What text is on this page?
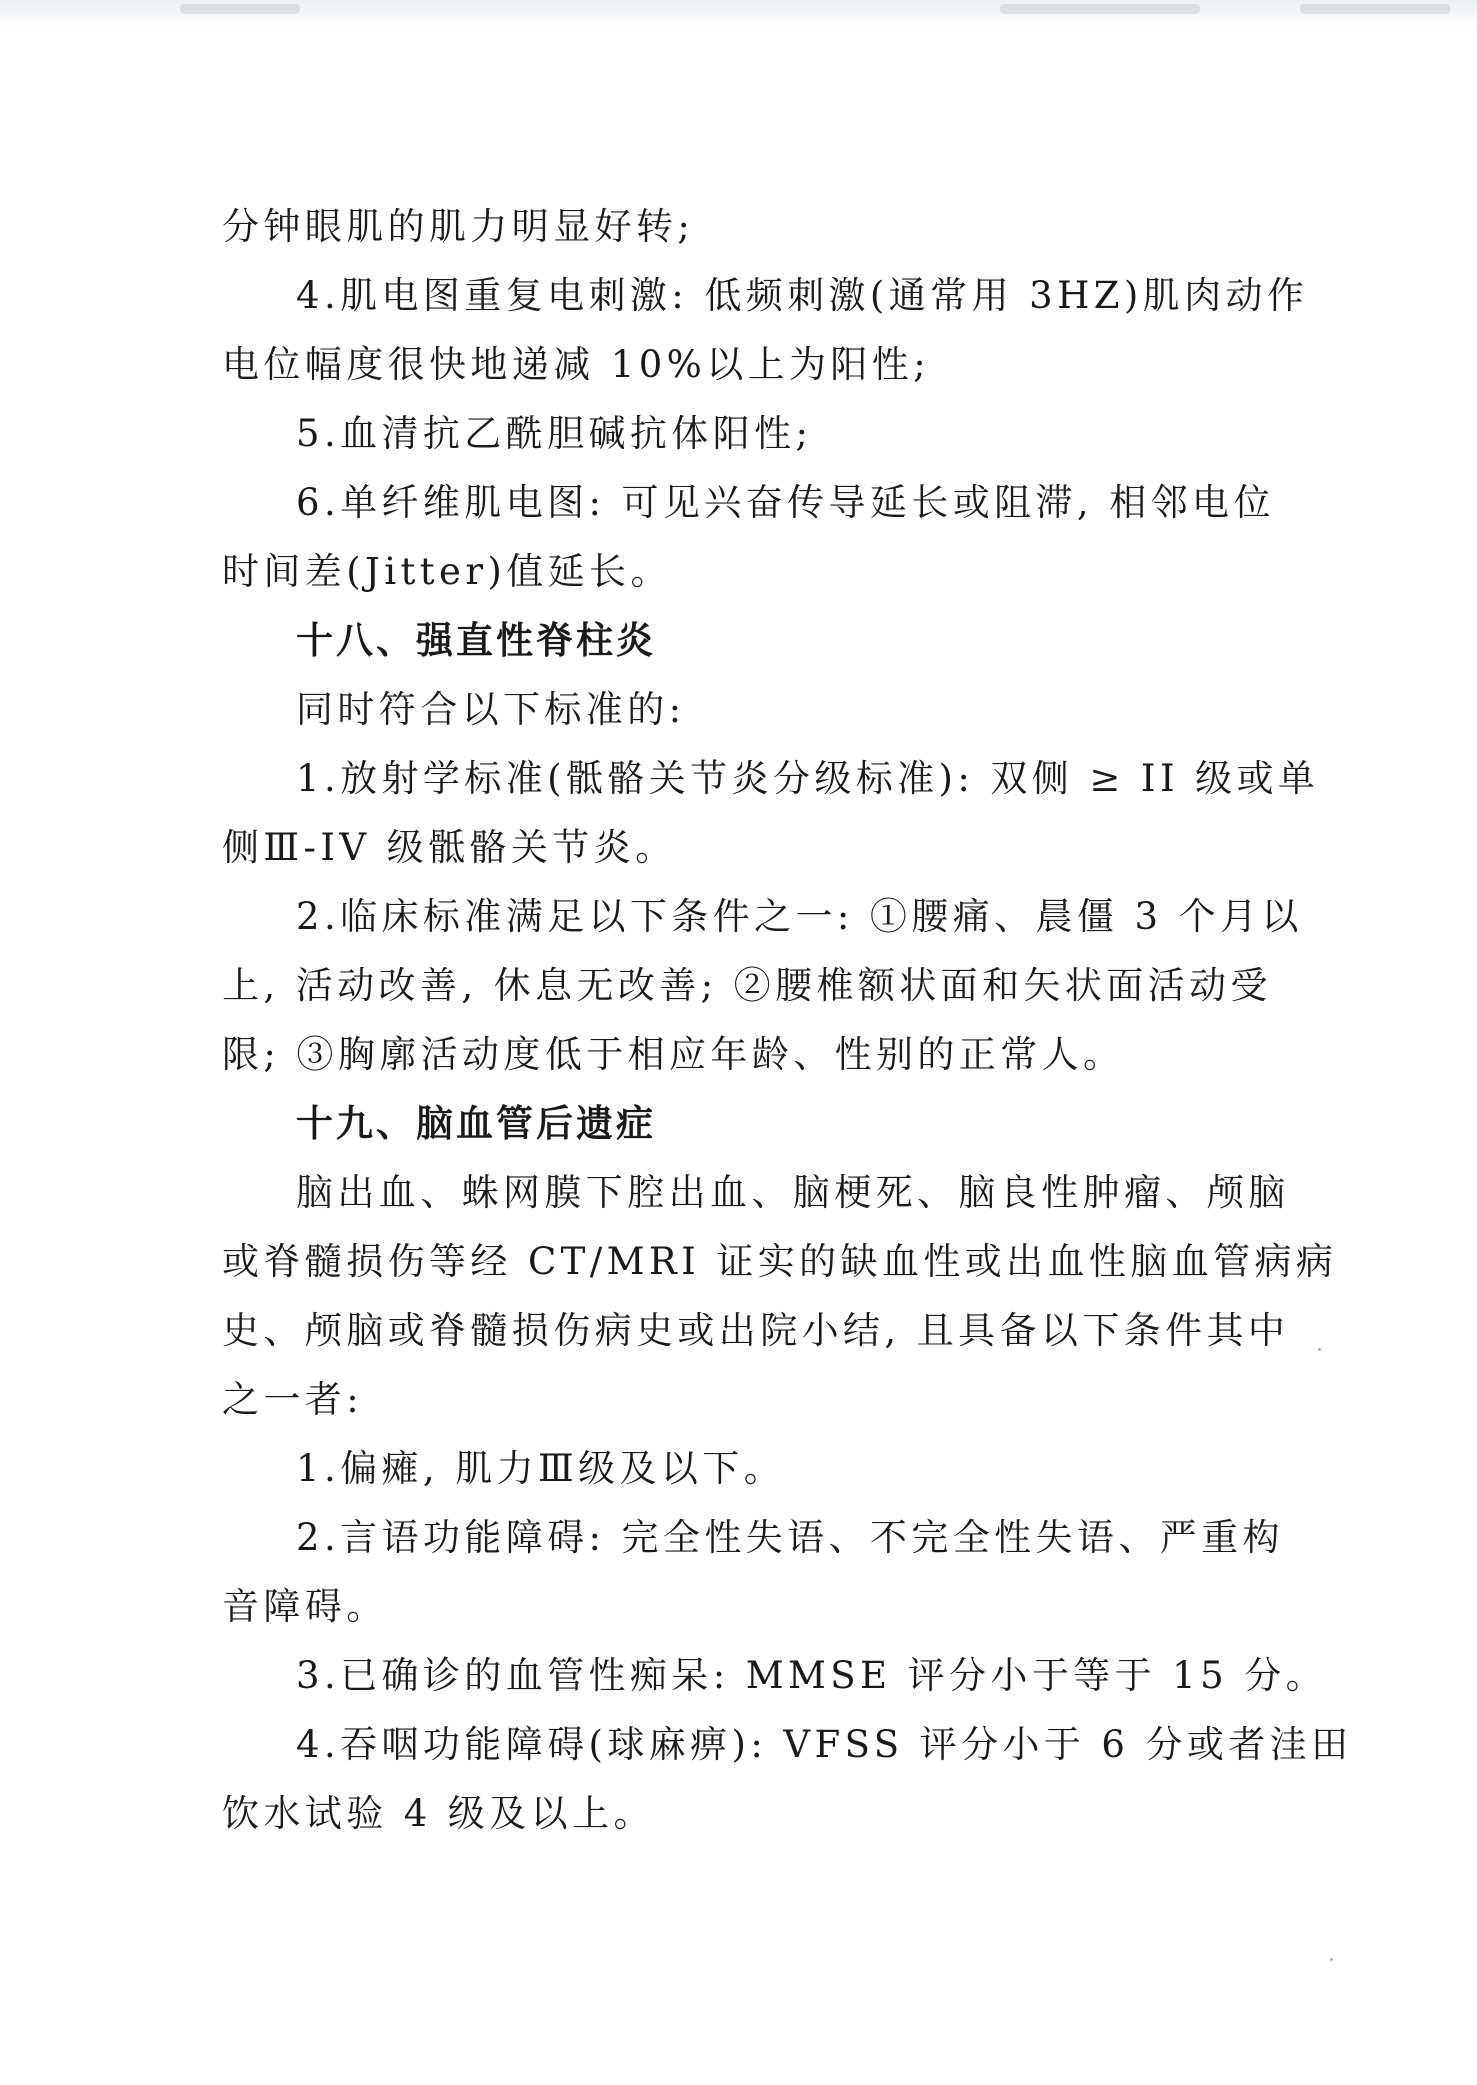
分钟眼肌的肌力明显好转;
4.肌电图重复电刺激: 低频刺激(通常用 3HZ)肌肉动作
电位幅度很快地递减 10%以上为阳性;
5.血清抗乙酰胆碱抗体阳性;
6.单纤维肌电图: 可见兴奋传导延长或阻滞, 相邻电位
时间差(Jitter)值延长。
十八、强直性脊柱炎
同时符合以下标准的:
1.放射学标准(骶骼关节炎分级标准): 双侧 ≥ II 级或单
侧Ⅲ-IV 级骶骼关节炎。
2.临床标准满足以下条件之一: ①腰痛、晨僵 3 个月以
上, 活动改善, 休息无改善; ②腰椎额状面和矢状面活动受
限; ③胸廓活动度低于相应年龄、性别的正常人。
十九、脑血管后遗症
脑出血、蛛网膜下腔出血、脑梗死、脑良性肿瘤、颅脑
或脊髓损伤等经 CT/MRI 证实的缺血性或出血性脑血管病病
史、颅脑或脊髓损伤病史或出院小结, 且具备以下条件其中
之一者:
1.偏瘫, 肌力Ⅲ级及以下。
2.言语功能障碍: 完全性失语、不完全性失语、严重构
音障碍。
3.已确诊的血管性痴呆: MMSE 评分小于等于 15 分。
4.吞咽功能障碍(球麻痹): VFSS 评分小于 6 分或者洼田
饮水试验 4 级及以上。
